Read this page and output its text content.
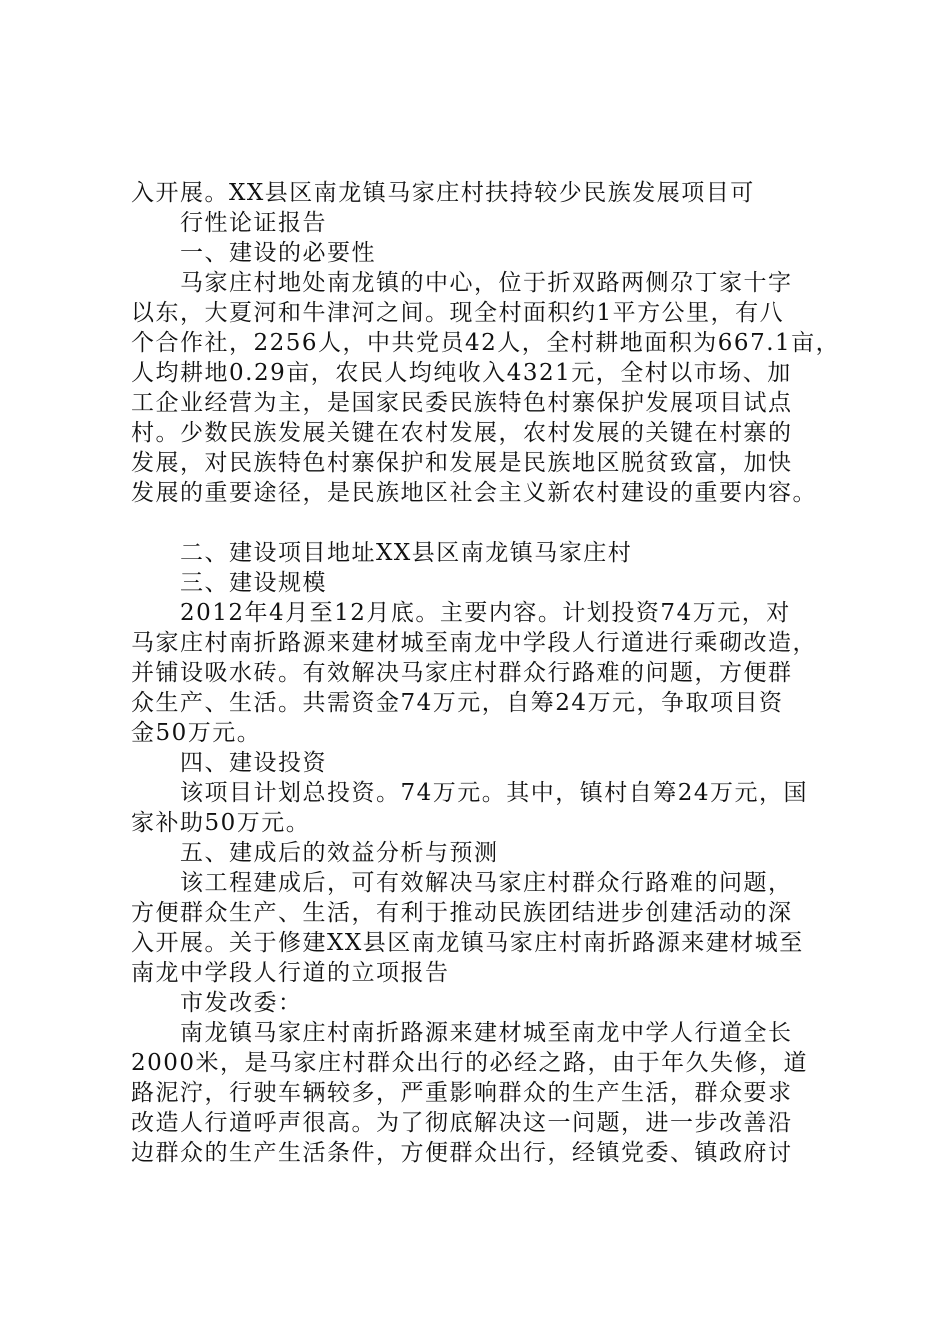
入开展。XX县区南龙镇马家庄村扶持较少民族发展项目可
行性论证报告
一、建设的必要性
马家庄村地处南龙镇的中心，位于折双路两侧尕丁家十字
以东，大夏河和牛津河之间。现全村面积约1平方公里，有八
个合作社，2256人，中共党员42人，全村耕地面积为667.1亩，
人均耕地0.29亩，农民人均纯收入4321元，全村以市场、加
工企业经营为主，是国家民委民族特色村寨保护发展项目试点
村。少数民族发展关键在农村发展，农村发展的关键在村寨的
发展，对民族特色村寨保护和发展是民族地区脱贫致富，加快
发展的重要途径，是民族地区社会主义新农村建设的重要内容。
二、建设项目地址XX县区南龙镇马家庄村
三、建设规模
2012年4月至12月底。主要内容。计划投资74万元，对
马家庄村南折路源来建材城至南龙中学段人行道进行乘砌改造，
并铺设吸水砖。有效解决马家庄村群众行路难的问题，方便群
众生产、生活。共需资金74万元，自筹24万元，争取项目资
金50万元。
四、建设投资
该项目计划总投资。74万元。其中，镇村自筹24万元，国
家补助50万元。
五、建成后的效益分析与预测
该工程建成后，可有效解决马家庄村群众行路难的问题，
方便群众生产、生活，有利于推动民族团结进步创建活动的深
入开展。关于修建XX县区南龙镇马家庄村南折路源来建材城至
南龙中学段人行道的立项报告
市发改委：
南龙镇马家庄村南折路源来建材城至南龙中学人行道全长
2000米，是马家庄村群众出行的必经之路，由于年久失修，道
路泥泞，行驶车辆较多，严重影响群众的生产生活，群众要求
改造人行道呼声很高。为了彻底解决这一问题，进一步改善沿
边群众的生产生活条件，方便群众出行，经镇党委、镇政府讨
